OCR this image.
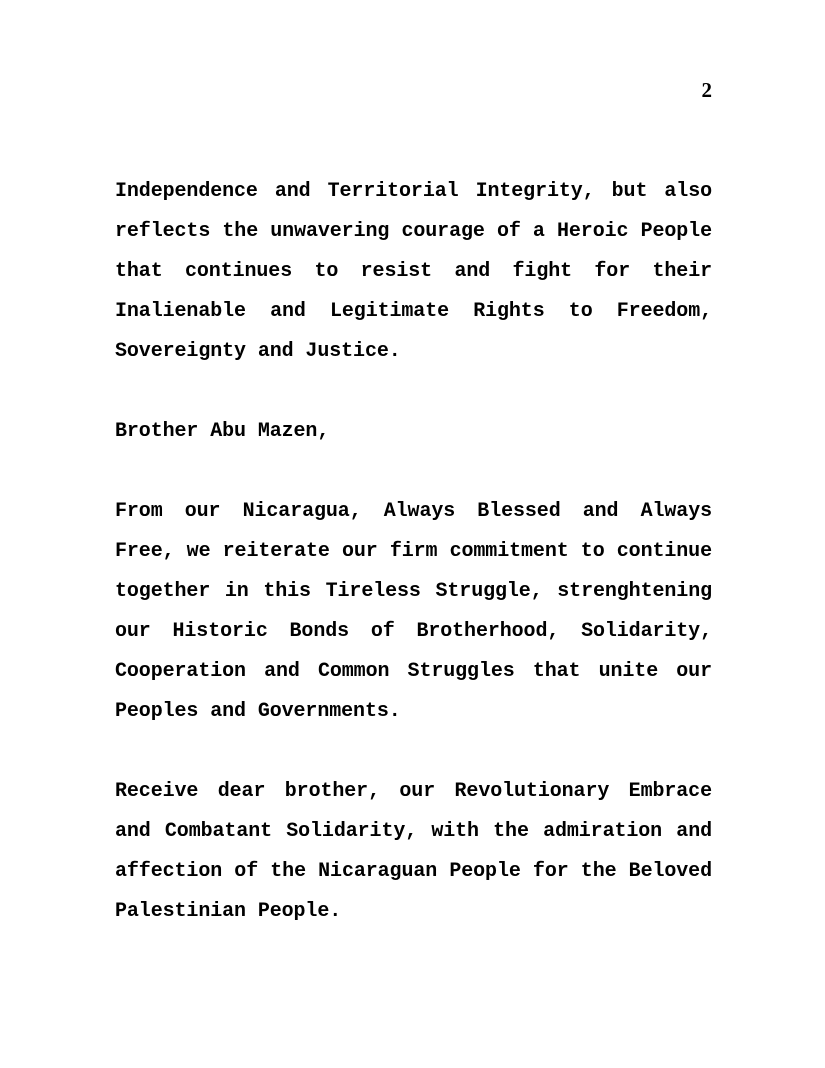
2

Independence and Territorial Integrity, but also reflects the unwavering courage of a Heroic People that continues to resist and fight for their Inalienable and Legitimate Rights to Freedom, Sovereignty and Justice.

Brother Abu Mazen,

From our Nicaragua, Always Blessed and Always Free, we reiterate our firm commitment to continue together in this Tireless Struggle, strenghtening our Historic Bonds of Brotherhood, Solidarity, Cooperation and Common Struggles that unite our Peoples and Governments.

Receive dear brother, our Revolutionary Embrace and Combatant Solidarity, with the admiration and affection of the Nicaraguan People for the Beloved Palestinian People.
